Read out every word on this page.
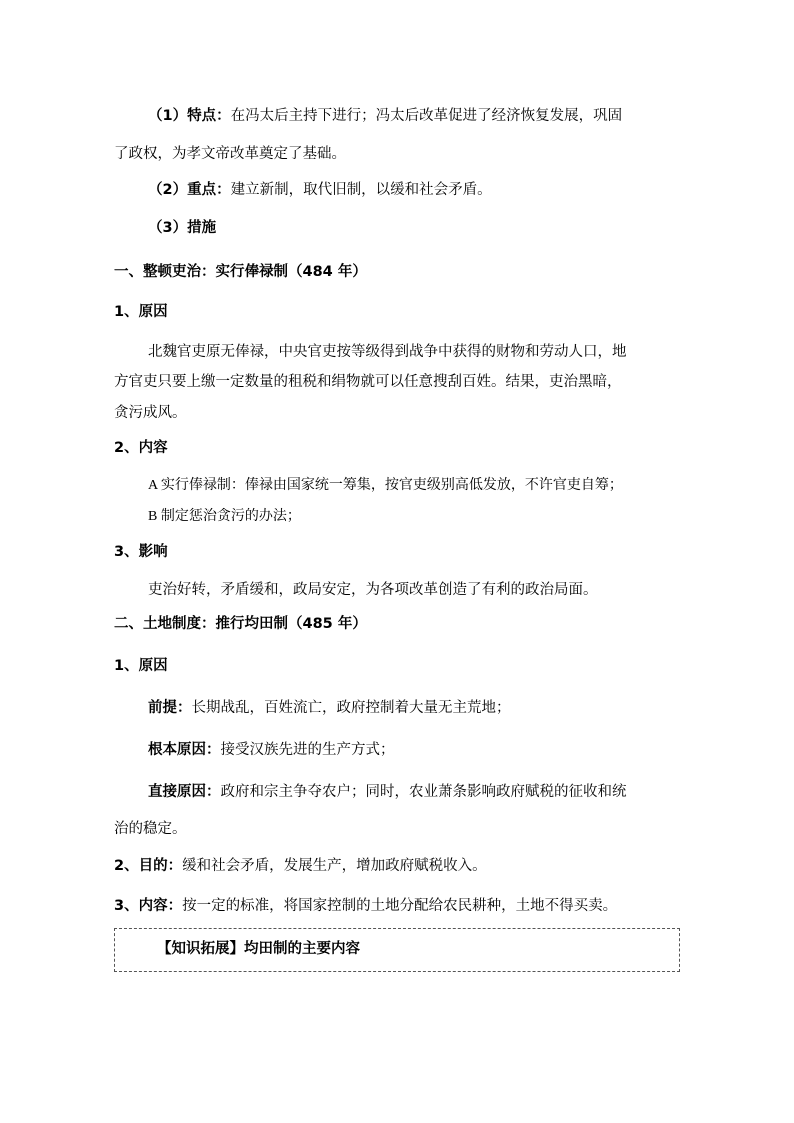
（1）特点：在冯太后主持下进行；冯太后改革促进了经济恢复发展，巩固
了政权，为孝文帝改革奠定了基础。
（2）重点：建立新制，取代旧制，以缓和社会矛盾。
（3）措施
一、整顿吏治：实行俸禄制（484 年）
1、原因
北魏官吏原无俸禄，中央官吏按等级得到战争中获得的财物和劳动人口，地
方官吏只要上缴一定数量的租税和绢物就可以任意搜刮百姓。结果，吏治黑暗，
贪污成风。
2、内容
A 实行俸禄制：俸禄由国家统一筹集，按官吏级别高低发放，不许官吏自筹；
B 制定惩治贪污的办法；
3、影响
吏治好转，矛盾缓和，政局安定，为各项改革创造了有利的政治局面。
二、土地制度：推行均田制（485 年）
1、原因
前提：长期战乱，百姓流亡，政府控制着大量无主荒地；
根本原因：接受汉族先进的生产方式；
直接原因：政府和宗主争夺农户；同时，农业萧条影响政府赋税的征收和统
治的稳定。
2、目的：缓和社会矛盾，发展生产，增加政府赋税收入。
3、内容：按一定的标准，将国家控制的土地分配给农民耕种，土地不得买卖。
【知识拓展】均田制的主要内容
